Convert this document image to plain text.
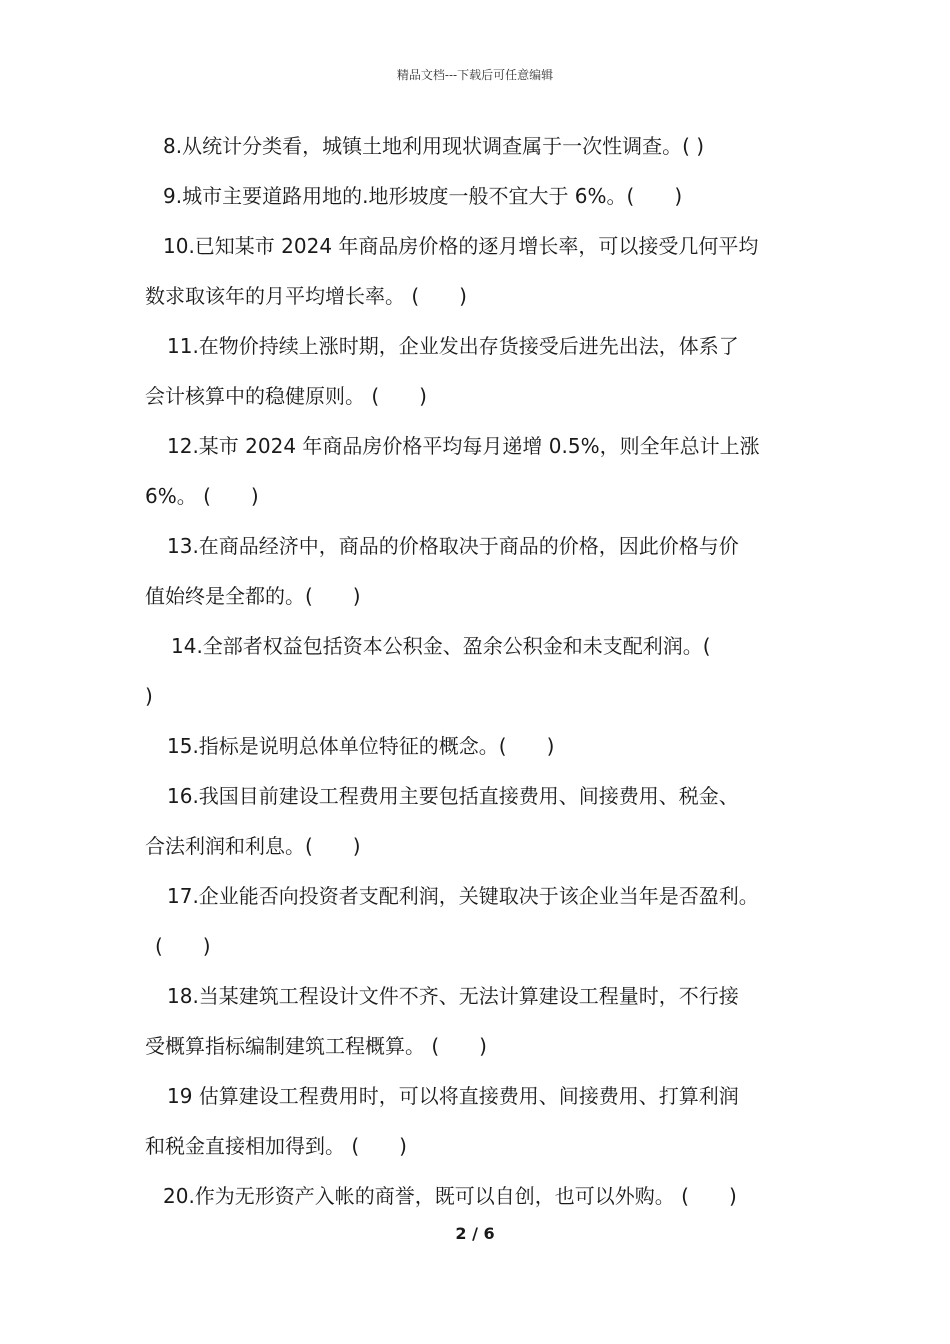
精品文档---下载后可任意编辑
8.从统计分类看，城镇土地利用现状调查属于一次性调查。( )
9.城市主要道路用地的.地形坡度一般不宜大于 6%。(　　)
10.已知某市 2024 年商品房价格的逐月增长率，可以接受几何平均
数求取该年的月平均增长率。 (　　)
11.在物价持续上涨时期，企业发出存货接受后进先出法，体系了
会计核算中的稳健原则。 (　　)
12.某市 2024 年商品房价格平均每月递增 0.5%，则全年总计上涨
6%。 (　　)
13.在商品经济中，商品的价格取决于商品的价格，因此价格与价
值始终是全都的。(　　)
14.全部者权益包括资本公积金、盈余公积金和未支配利润。(
)
15.指标是说明总体单位特征的概念。(　　)
16.我国目前建设工程费用主要包括直接费用、间接费用、税金、
合法利润和利息。(　　)
17.企业能否向投资者支配利润，关键取决于该企业当年是否盈利。
(　　)
18.当某建筑工程设计文件不齐、无法计算建设工程量时，不行接
受概算指标编制建筑工程概算。 (　　)
19 估算建设工程费用时，可以将直接费用、间接费用、打算利润
和税金直接相加得到。 (　　)
20.作为无形资产入帐的商誉，既可以自创，也可以外购。 (　　)
2 / 6
